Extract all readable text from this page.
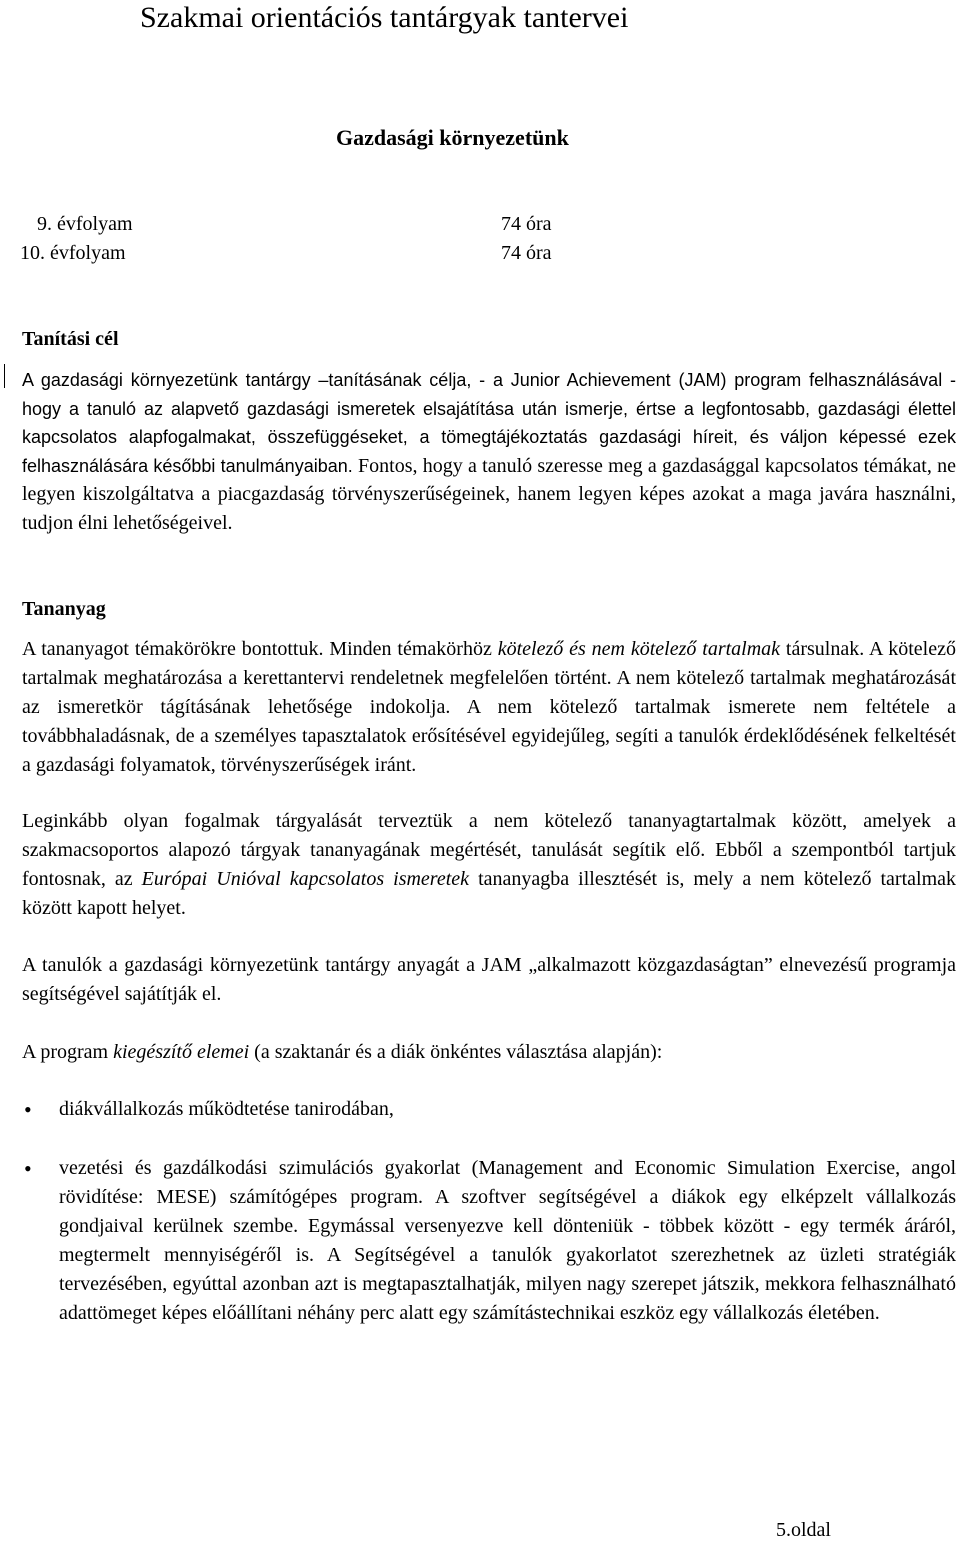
Szakmai orientációs tantárgyak tantervei
Gazdasági környezetünk
9. évfolyam	74 óra
10. évfolyam	74 óra
Tanítási cél
A gazdasági környezetünk tantárgy –tanításának célja, - a Junior Achievement (JAM) program felhasználásával - hogy a tanuló az alapvető gazdasági ismeretek elsajátítása után ismerje, értse a legfontosabb, gazdasági élettel kapcsolatos alapfogalmakat, összefüggéseket, a tömegtájékoztatás gazdasági híreit, és váljon képessé ezek felhasználására későbbi tanulmányaiban. Fontos, hogy a tanuló szeresse meg a gazdasággal kapcsolatos témákat, ne legyen kiszolgáltatva a piacgazdaság törvényszerűségeinek, hanem legyen képes azokat a maga javára használni, tudjon élni lehetőségeivel.
Tananyag
A tananyagot témakörökre bontottuk. Minden témakörhöz kötelező és nem kötelező tartalmak társulnak. A kötelező tartalmak meghatározása a kerettantervi rendeletnek megfelelően történt. A nem kötelező tartalmak meghatározását az ismeretkör tágításának lehetősége indokolja. A nem kötelező tartalmak ismerete nem feltétele a továbbhaladásnak, de a személyes tapasztalatok erősítésével egyidejűleg, segíti a tanulók érdeklődésének felkeltését a gazdasági folyamatok, törvényszerűségek iránt.
Leginkább olyan fogalmak tárgyalását terveztük a nem kötelező tananyagtartalmak között, amelyek a szakmacsoportos alapozó tárgyak tananyagának megértését, tanulását segítik elő. Ebből a szempontból tartjuk fontosnak, az Európai Unióval kapcsolatos ismeretek tananyagba illesztését is, mely a nem kötelező tartalmak között kapott helyet.
A tanulók a gazdasági környezetünk tantárgy anyagát a JAM „alkalmazott közgazdaságtan” elnevezésű programja segítségével sajátítják el.
A program kiegészítő elemei (a szaktanár és a diák önkéntes választása alapján):
• diákvállalkozás működtetése tanirodában,
• vezetési és gazdálkodási szimulációs gyakorlat (Management and Economic Simulation Exercise, angol rövidítése: MESE) számítógépes program. A szoftver segítségével a diákok egy elképzelt vállalkozás gondjaival kerülnek szembe. Egymással versenyezve kell dönteniük - többek között - egy termék áráról, megtermelt mennyiségéről is. A Segítségével a tanulók gyakorlatot szerezhetnek az üzleti stratégiák tervezésében, egyúttal azonban azt is megtapasztalhatják, milyen nagy szerepet játszik, mekkora felhasználható adattömeget képes előállítani néhány perc alatt egy számítástechnikai eszköz egy vállalkozás életében.
5.oldal
